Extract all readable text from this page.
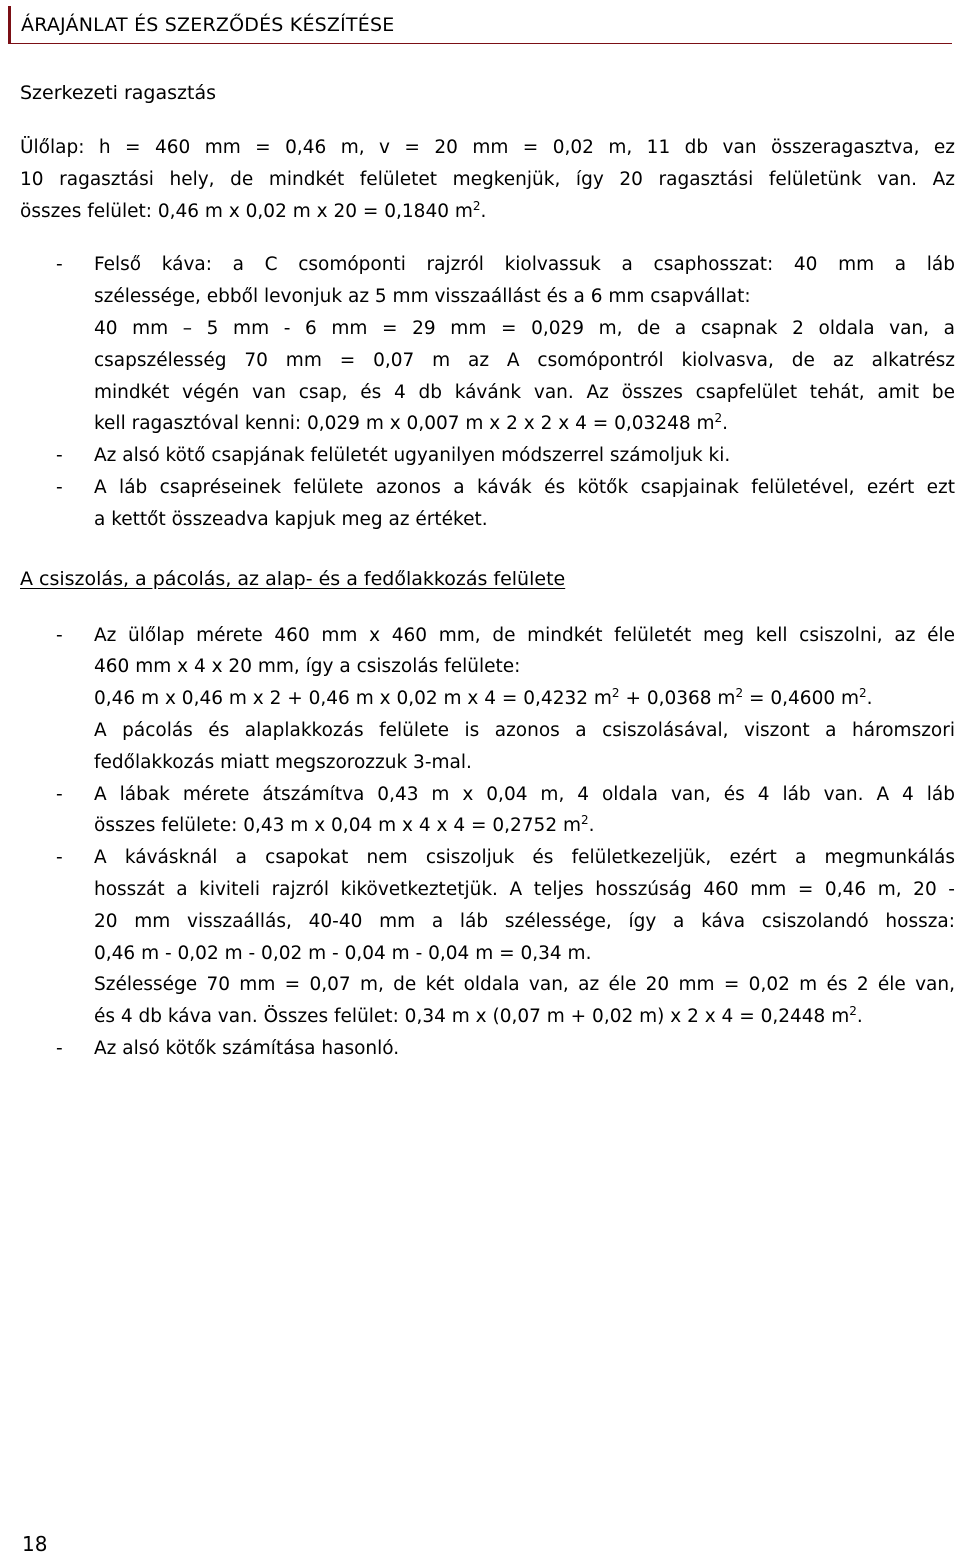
ÁRAJÁNLAT ÉS SZERZŐDÉS KÉSZÍTÉSE
Szerkezeti ragasztás
Ülőlap: h = 460 mm = 0,46 m, v = 20 mm = 0,02 m, 11 db van összeragasztva, ez
10 ragasztási hely, de mindkét felületet megkenjük, így 20 ragasztási felületünk van. Az
összes felület: 0,46 m x 0,02 m x 20 = 0,1840 $m^2$.
- Felső káva: a C csomóponti rajzról kiolvassuk a csaphosszat: 40 mm a láb
szélessége, ebből levonjuk az 5 mm visszaállást és a 6 mm csapvállat:
40 mm – 5 mm - 6 mm = 29 mm = 0,029 m, de a csapnak 2 oldala van, a
csapszélesség 70 mm = 0,07 m az A csomópontról kiolvasva, de az alkatrész
mindkét végén van csap, és 4 db kávánk van. Az összes csapfelület tehát, amit be
kell ragasztóval kenni: 0,029 m x 0,007 m x 2 x 2 x 4 = 0,03248 $m^2$.
- Az alsó kötő csapjának felületét ugyanilyen módszerrel számoljuk ki.
- A láb csapréseinek felülete azonos a kávák és kötők csapjainak felületével, ezért ezt
a kettőt összeadva kapjuk meg az értéket.
A csiszolás, a pácolás, az alap- és a fedőlakkozás felülete
- Az ülőlap mérete 460 mm x 460 mm, de mindkét felületét meg kell csiszolni, az éle
460 mm x 4 x 20 mm, így a csiszolás felülete:
0,46 m x 0,46 m x 2 + 0,46 m x 0,02 m x 4 = 0,4232 $m^2 + 0,0368$ $m^2 = 0,4600$ $m^2$.
A pácolás és alaplakkozás felülete is azonos a csiszolásával, viszont a háromszori
fedőlakkozás miatt megszorozzuk 3-mal.
- A lábak mérete átszámítva 0,43 m x 0,04 m, 4 oldala van, és 4 láb van. A 4 láb
összes felülete: 0,43 m x 0,04 m x 4 x 4 = 0,2752 $m^2$.
- A kávásknál a csapokat nem csiszoljuk és felületkezeljük, ezért a megmunkálás
hosszát a kiviteli rajzról kikövetkeztetjük. A teljes hosszúság 460 mm = 0,46 m, 20 -
20 mm visszaállás, 40-40 mm a láb szélessége, így a káva csiszolandó hossza:
0,46 m - 0,02 m - 0,02 m - 0,04 m - 0,04 m = 0,34 m.
Szélessége 70 mm = 0,07 m, de két oldala van, az éle 20 mm = 0,02 m és 2 éle van,
és 4 db káva van. Összes felület: 0,34 m x (0,07 m + 0,02 m) x 2 x 4 = 0,2448 $m^2$.
- Az alsó kötők számítása hasonló.
18
